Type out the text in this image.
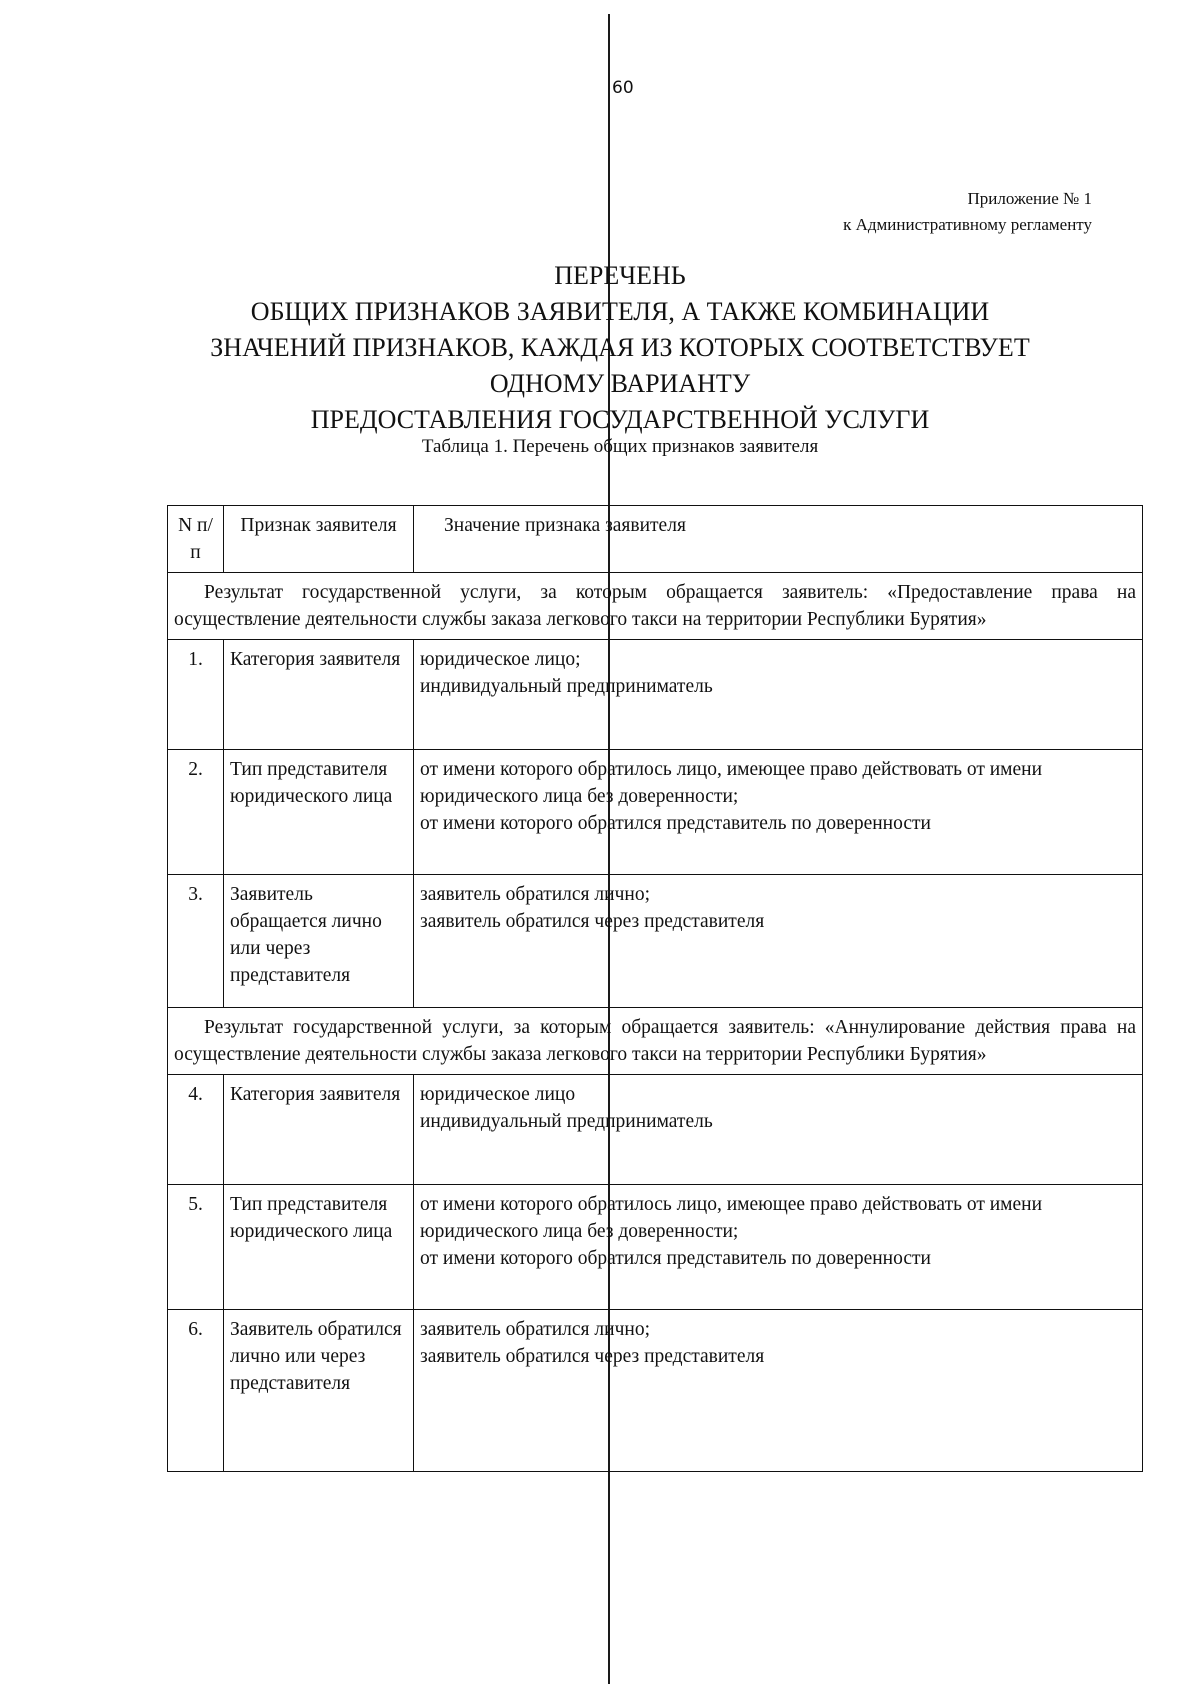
60
Приложение № 1
к Административному регламенту
ПЕРЕЧЕНЬ
ОБЩИХ ПРИЗНАКОВ ЗАЯВИТЕЛЯ, А ТАКЖЕ КОМБИНАЦИИ
ЗНАЧЕНИЙ ПРИЗНАКОВ, КАЖДАЯ ИЗ КОТОРЫХ СООТВЕТСТВУЕТ
ОДНОМУ ВАРИАНТУ
ПРЕДОСТАВЛЕНИЯ ГОСУДАРСТВЕННОЙ УСЛУГИ
Таблица 1. Перечень общих признаков заявителя
N п/п	Признак заявителя	Значение признака заявителя

Результат государственной услуги, за которым обращается заявитель: «Предоставление права на осуществление деятельности службы заказа легкового такси на территории Республики Бурятия»		

1.	Категория заявителя	юридическое лицо;
индивидуальный предприниматель

2.	Тип представителя юридического лица	от имени которого обратилось лицо, имеющее право действовать от имени юридического лица без доверенности;
от имени которого обратился представитель по доверенности

3.	Заявитель обращается лично или через представителя	заявитель обратился лично;
заявитель обратился через представителя

Результат государственной услуги, за которым обращается заявитель: «Аннулирование действия права на осуществление деятельности службы заказа легкового такси на территории Республики Бурятия»		

4.	Категория заявителя	юридическое лицо
индивидуальный предприниматель

5.	Тип представителя юридического лица	от имени которого обратилось лицо, имеющее право действовать от имени юридического лица без доверенности;
от имени которого обратился представитель по доверенности

6.	Заявитель обратился лично или через представителя	заявитель обратился лично;
заявитель обратился через представителя
